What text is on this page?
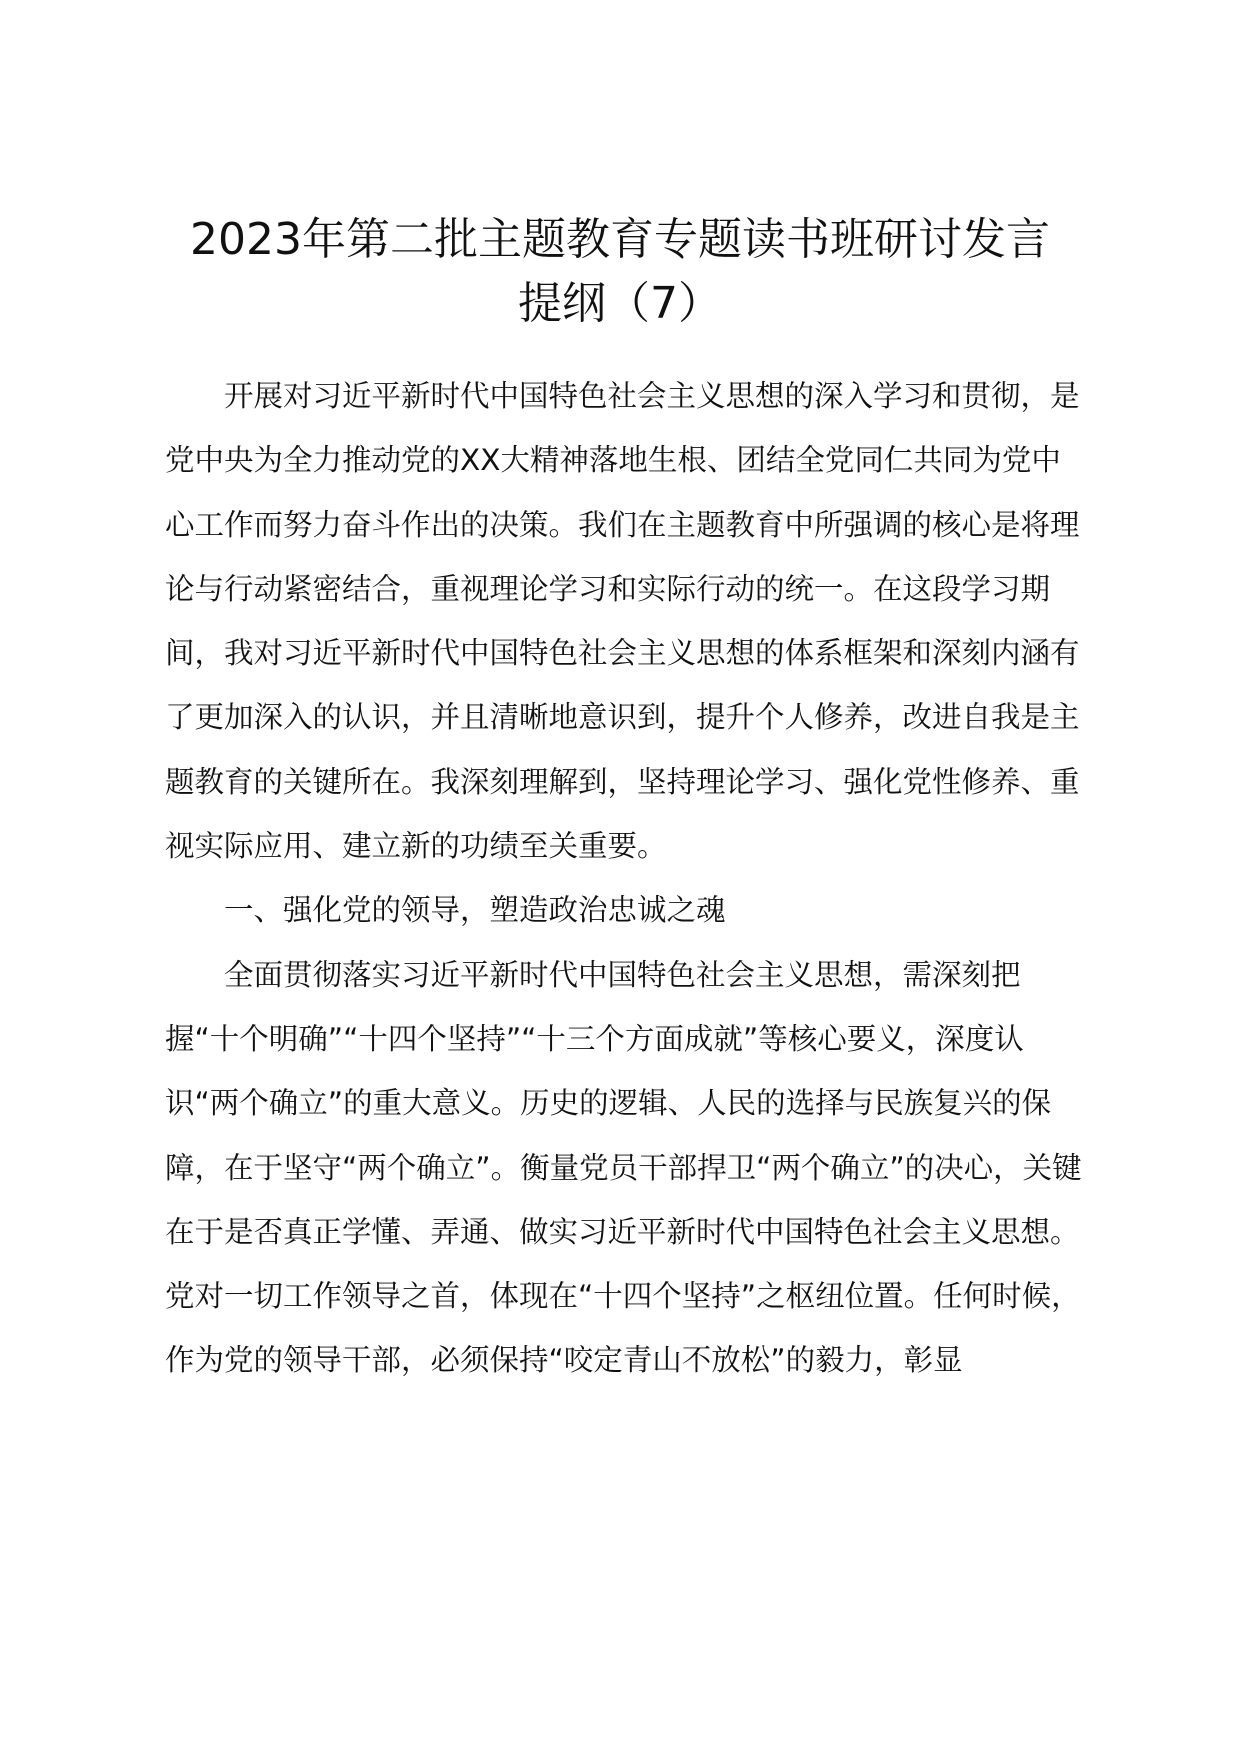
2023年第二批主题教育专题读书班研讨发言
提纲（7）

开展对习近平新时代中国特色社会主义思想的深入学习和贯彻，是党中央为全力推动党的XX大精神落地生根、团结全党同仁共同为党中心工作而努力奋斗作出的决策。我们在主题教育中所强调的核心是将理论与行动紧密结合，重视理论学习和实际行动的统一。在这段学习期间，我对习近平新时代中国特色社会主义思想的体系框架和深刻内涵有了更加深入的认识，并且清晰地意识到，提升个人修养，改进自我是主题教育的关键所在。我深刻理解到，坚持理论学习、强化党性修养、重视实际应用、建立新的功绩至关重要。

一、强化党的领导，塑造政治忠诚之魂

全面贯彻落实习近平新时代中国特色社会主义思想，需深刻把握“十个明确”“十四个坚持”“十三个方面成就”等核心要义，深度认识“两个确立”的重大意义。历史的逻辑、人民的选择与民族复兴的保障，在于坚守“两个确立”。衡量党员干部捍卫“两个确立”的决心，关键在于是否真正学懂、弄通、做实习近平新时代中国特色社会主义思想。党对一切工作领导之首，体现在“十四个坚持”之枢纽位置。任何时候，作为党的领导干部，必须保持“咬定青山不放松”的毅力，彰显
